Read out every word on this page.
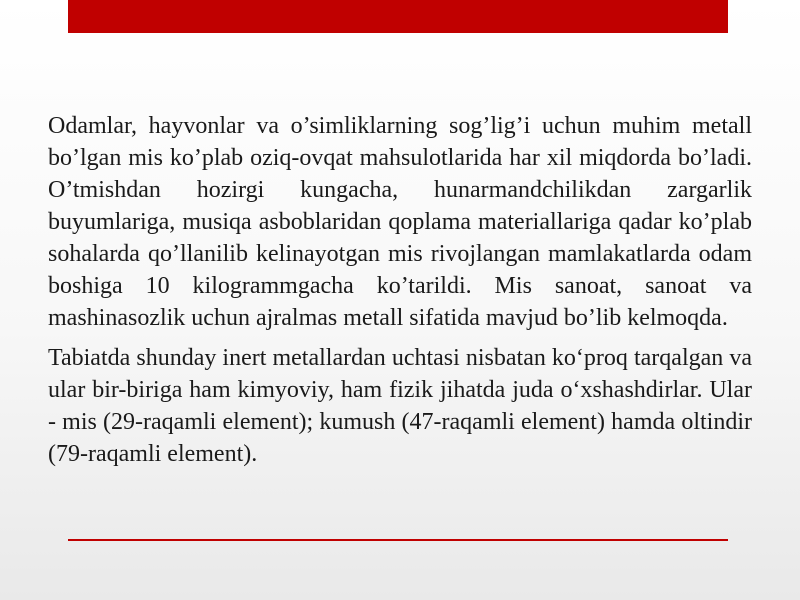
Odamlar, hayvonlar va o’simliklarning sog’lig’i uchun muhim metall bo’lgan mis ko’plab oziq-ovqat mahsulotlarida har xil miqdorda bo’ladi. O’tmishdan hozirgi kungacha, hunarmandchilikdan zargarlik buyumlariga, musiqa asboblaridan qoplama materiallariga qadar ko’plab sohalarda qo’llanilib kelinayotgan mis rivojlangan mamlakatlarda odam boshiga 10 kilogrammgacha ko’tarildi. Mis sanoat, sanoat va mashinasozlik uchun ajralmas metall sifatida mavjud bo’lib kelmoqda.

Tabiatda shunday inert metallardan uchtasi nisbatan ko‘proq tarqalgan va ular bir-biriga ham kimyoviy, ham fizik jihatda juda o‘xshashdirlar. Ular - mis (29-raqamli element); kumush (47-raqamli element) hamda oltindir (79-raqamli element).
